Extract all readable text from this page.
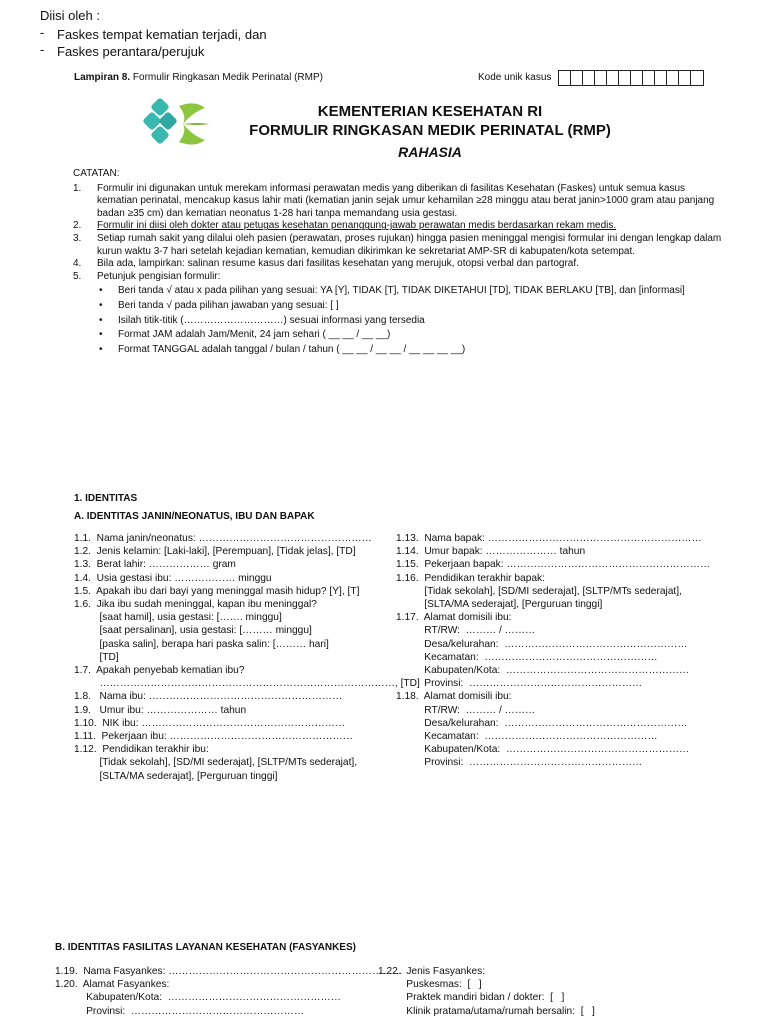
Diisi oleh :
- Faskes tempat kematian terjadi, dan
- Faskes perantara/perujuk
Lampiran 8. Formulir Ringkasan Medik Perinatal (RMP)	Kode unik kasus
KEMENTERIAN KESEHATAN RI
FORMULIR RINGKASAN MEDIK PERINATAL (RMP)
RAHASIA
CATATAN:
1. Formulir ini digunakan untuk merekam informasi perawatan medis yang diberikan di fasilitas Kesehatan (Faskes) untuk semua kasus kematian perinatal, mencakup kasus lahir mati (kematian janin sejak umur kehamilan ≥28 minggu atau berat janin>1000 gram atau panjang badan ≥35 cm) dan kematian neonatus 1-28 hari tanpa memandang usia gestasi.
2. Formulir ini diisi oleh dokter atau petugas kesehatan penanggung-jawab perawatan medis berdasarkan rekam medis.
3. Setiap rumah sakit yang dilalui oleh pasien (perawatan, proses rujukan) hingga pasien meninggal mengisi formular ini dengan lengkap dalam kurun waktu 3-7 hari setelah kejadian kematian, kemudian dikirimkan ke sekretariat AMP-SR di kabupaten/kota setempat.
4. Bila ada, lampirkan: salinan resume kasus dari fasilitas kesehatan yang merujuk, otopsi verbal dan partograf.
5. Petunjuk pengisian formulir:
• Beri tanda √ atau x pada pilihan yang sesuai: YA [Y], TIDAK [T], TIDAK DIKETAHUI [TD], TIDAK BERLAKU [TB], dan [informasi]
• Beri tanda √ pada pilihan jawaban yang sesuai: [ ]
• Isilah titik-titik (…………………………) sesuai informasi yang tersedia
• Format JAM adalah Jam/Menit, 24 jam sehari ( __ __ / __ __)
• Format TANGGAL adalah tanggal / bulan / tahun ( __ __ / __ __ / __ __ __ __)
1. IDENTITAS
A. IDENTITAS JANIN/NEONATUS, IBU DAN BAPAK
1.1.  Nama janin/neonatus: ……………………………………………
1.2.  Jenis kelamin: [Laki-laki], [Perempuan], [Tidak jelas], [TD]
1.3.  Berat lahir: ……………… gram
1.4.  Usia gestasi ibu: ……………… minggu
1.5.  Apakah ibu dari bayi yang meninggal masih hidup? [Y], [T]
1.6.  Jika ibu sudah meninggal, kapan ibu meninggal?
[saat hamil], usia gestasi: [……. minggu]
[saat persalinan], usia gestasi: [……… minggu]
[paska salin], berapa hari paska salin: [……… hari]
[TD]
1.7.  Apakah penyebab kematian ibu?
……………………………………………………………………………, [TD]
1.8.   Nama ibu: …………………………………………………
1.9.   Umur ibu: ………………… tahun
1.10.  NIK ibu: ……………………………………………………
1.11.  Pekerjaan ibu: ………………………………………………
1.12.  Pendidikan terakhir ibu:
[Tidak sekolah], [SD/MI sederajat], [SLTP/MTs sederajat],
[SLTA/MA sederajat], [Perguruan tinggi]
1.13.  Nama bapak: ………………………………………………………
1.14.  Umur bapak: ………………… tahun
1.15.  Pekerjaan bapak: ……………………………………………………
1.16.  Pendidikan terakhir bapak:
[Tidak sekolah], [SD/MI sederajat], [SLTP/MTs sederajat],
[SLTA/MA sederajat], [Perguruan tinggi]
1.17.  Alamat domisili ibu:
RT/RW:  ……… / ………
Desa/kelurahan:  ………………………………………………
Kecamatan:  ……………………………………………
Kabupaten/Kota:  ………………………………………………
Provinsi:  ……………………………………………
1.18.  Alamat domisili ibu:
RT/RW:  ……… / ………
Desa/kelurahan:  ………………………………………………
Kecamatan:  ……………………………………………
Kabupaten/Kota:  ………………………………………………
Provinsi:  ……………………………………………
B. IDENTITAS FASILITAS LAYANAN KESEHATAN (FASYANKES)
1.19.  Nama Fasyankes: ……………………………………………………………
1.20.  Alamat Fasyankes:
Kabupaten/Kota:  ……………………………………………
Provinsi:  ……………………………………………
1.22.  Jenis Fasyankes:
Puskesmas:  [   ]
Praktek mandiri bidan / dokter:  [   ]
Klinik pratama/utama/rumah bersalin:  [   ]
